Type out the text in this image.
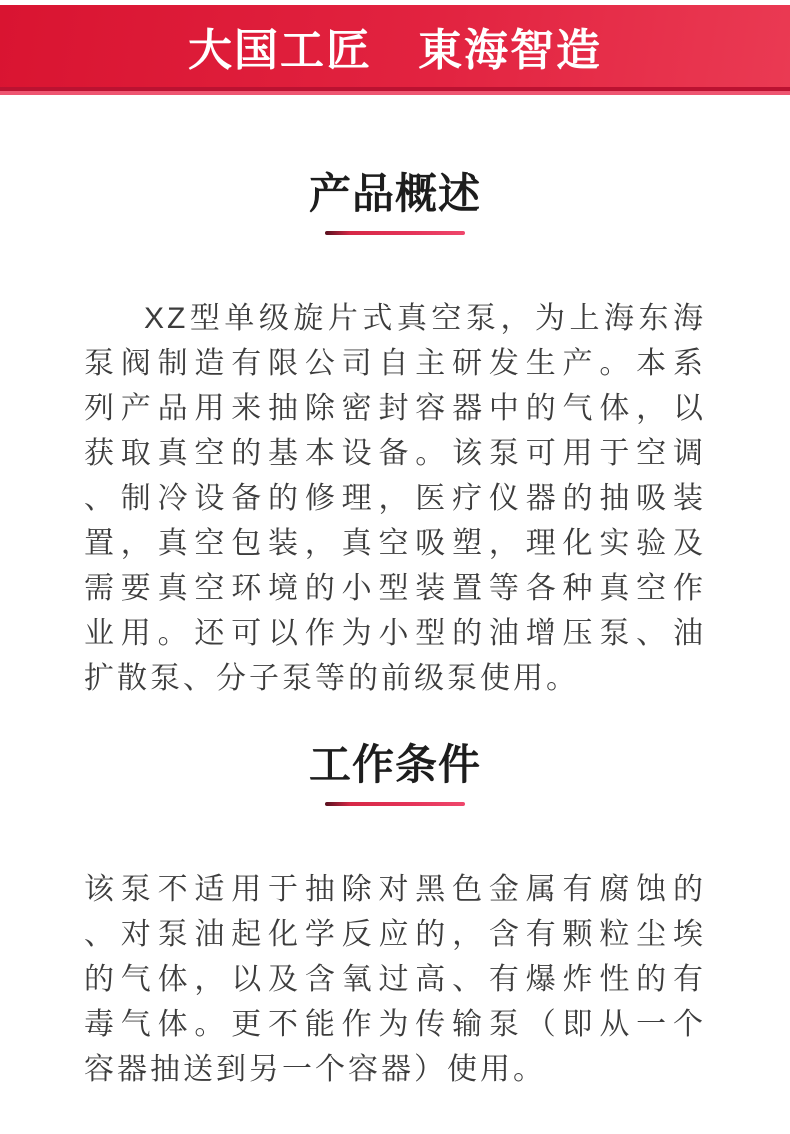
大国工匠　東海智造
产品概述
XZ型单级旋片式真空泵，为上海东海
泵阀制造有限公司自主研发生产。本系
列产品用来抽除密封容器中的气体，以
获取真空的基本设备。该泵可用于空调
、制冷设备的修理，医疗仪器的抽吸装
置，真空包装，真空吸塑，理化实验及
需要真空环境的小型装置等各种真空作
业用。还可以作为小型的油增压泵、油
扩散泵、分子泵等的前级泵使用。
工作条件
该泵不适用于抽除对黑色金属有腐蚀的
、对泵油起化学反应的，含有颗粒尘埃
的气体，以及含氧过高、有爆炸性的有
毒气体。更不能作为传输泵（即从一个
容器抽送到另一个容器）使用。
